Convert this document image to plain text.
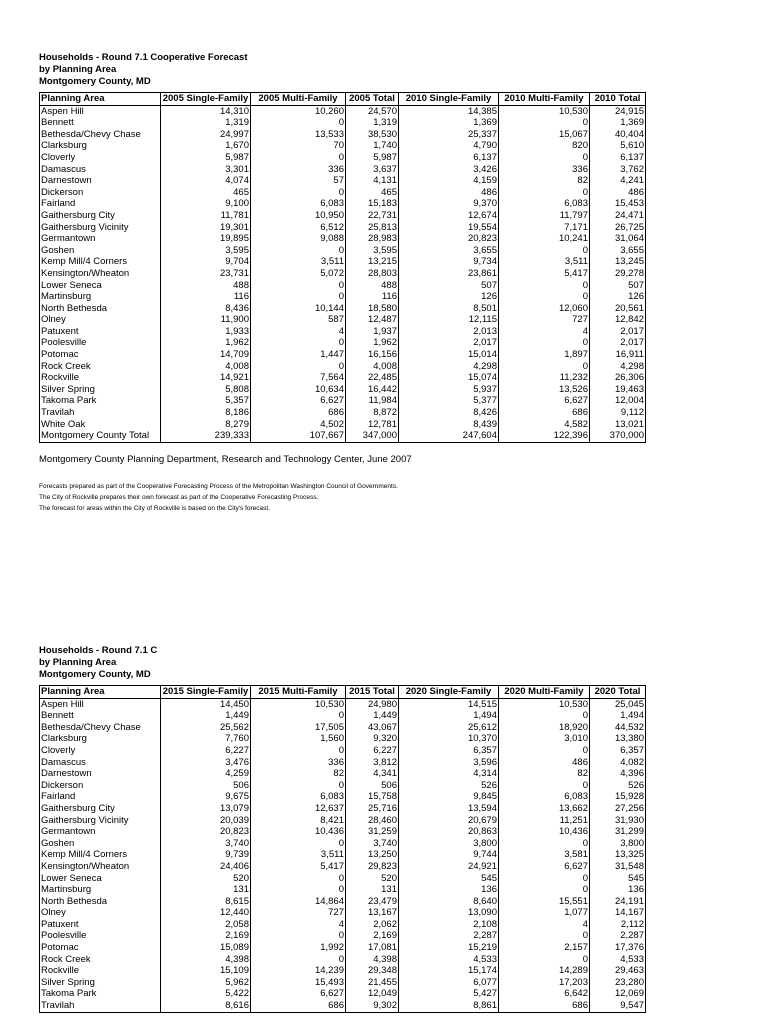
Households - Round 7.1 Cooperative Forecast
by Planning Area
Montgomery County, MD
Planning Area	2005 Single-Family	2005 Multi-Family	2005 Total	2010 Single-Family	2010 Multi-Family	2010 Total
Aspen Hill	14,310	10,260	24,570	14,385	10,530	24,915
Bennett	1,319	0	1,319	1,369	0	1,369
Bethesda/Chevy Chase	24,997	13,533	38,530	25,337	15,067	40,404
Clarksburg	1,670	70	1,740	4,790	820	5,610
Cloverly	5,987	0	5,987	6,137	0	6,137
Damascus	3,301	336	3,637	3,426	336	3,762
Darnestown	4,074	57	4,131	4,159	82	4,241
Dickerson	465	0	465	486	0	486
Fairland	9,100	6,083	15,183	9,370	6,083	15,453
Gaithersburg City	11,781	10,950	22,731	12,674	11,797	24,471
Gaithersburg Vicinity	19,301	6,512	25,813	19,554	7,171	26,725
Germantown	19,895	9,088	28,983	20,823	10,241	31,064
Goshen	3,595	0	3,595	3,655	0	3,655
Kemp Mill/4 Corners	9,704	3,511	13,215	9,734	3,511	13,245
Kensington/Wheaton	23,731	5,072	28,803	23,861	5,417	29,278
Lower Seneca	488	0	488	507	0	507
Martinsburg	116	0	116	126	0	126
North Bethesda	8,436	10,144	18,580	8,501	12,060	20,561
Olney	11,900	587	12,487	12,115	727	12,842
Patuxent	1,933	4	1,937	2,013	4	2,017
Poolesville	1,962	0	1,962	2,017	0	2,017
Potomac	14,709	1,447	16,156	15,014	1,897	16,911
Rock Creek	4,008	0	4,008	4,298	0	4,298
Rockville	14,921	7,564	22,485	15,074	11,232	26,306
Silver Spring	5,808	10,634	16,442	5,937	13,526	19,463
Takoma Park	5,357	6,627	11,984	5,377	6,627	12,004
Travilah	8,186	686	8,872	8,426	686	9,112
White Oak	8,279	4,502	12,781	8,439	4,582	13,021
Montgomery County Total	239,333	107,667	347,000	247,604	122,396	370,000
Montgomery County Planning Department, Research and Technology Center, June 2007
Forecasts prepared as part of the Cooperative Forecasting Process of the Metropolitan Washington Council of Governments.
The City of Rockville prepares their own forecast as part of the Cooperative Forecasting Process.
The forecast for areas within the City of Rockville is based on the City's forecast.
Households - Round 7.1 C
by Planning Area
Montgomery County, MD
Planning Area	2015 Single-Family	2015 Multi-Family	2015 Total	2020 Single-Family	2020 Multi-Family	2020 Total
Aspen Hill	14,450	10,530	24,980	14,515	10,530	25,045
Bennett	1,449	0	1,449	1,494	0	1,494
Bethesda/Chevy Chase	25,562	17,505	43,067	25,612	18,920	44,532
Clarksburg	7,760	1,560	9,320	10,370	3,010	13,380
Cloverly	6,227	0	6,227	6,357	0	6,357
Damascus	3,476	336	3,812	3,596	486	4,082
Darnestown	4,259	82	4,341	4,314	82	4,396
Dickerson	506	0	506	526	0	526
Fairland	9,675	6,083	15,758	9,845	6,083	15,928
Gaithersburg City	13,079	12,637	25,716	13,594	13,662	27,256
Gaithersburg Vicinity	20,039	8,421	28,460	20,679	11,251	31,930
Germantown	20,823	10,436	31,259	20,863	10,436	31,299
Goshen	3,740	0	3,740	3,800	0	3,800
Kemp Mill/4 Corners	9,739	3,511	13,250	9,744	3,581	13,325
Kensington/Wheaton	24,406	5,417	29,823	24,921	6,627	31,548
Lower Seneca	520	0	520	545	0	545
Martinsburg	131	0	131	136	0	136
North Bethesda	8,615	14,864	23,479	8,640	15,551	24,191
Olney	12,440	727	13,167	13,090	1,077	14,167
Patuxent	2,058	4	2,062	2,108	4	2,112
Poolesville	2,169	0	2,169	2,287	0	2,287
Potomac	15,089	1,992	17,081	15,219	2,157	17,376
Rock Creek	4,398	0	4,398	4,533	0	4,533
Rockville	15,109	14,239	29,348	15,174	14,289	29,463
Silver Spring	5,962	15,493	21,455	6,077	17,203	23,280
Takoma Park	5,422	6,627	12,049	5,427	6,642	12,069
Travilah	8,616	686	9,302	8,861	686	9,547
